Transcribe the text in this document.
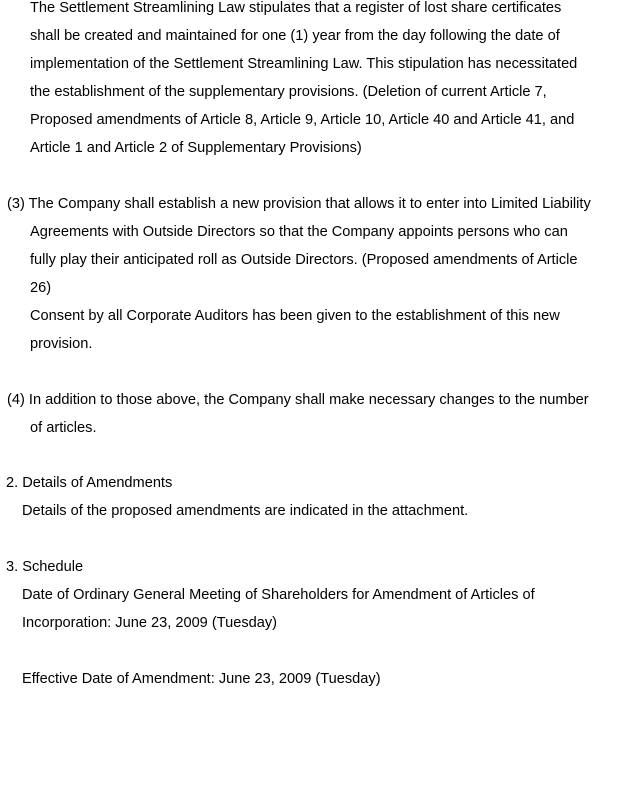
The Settlement Streamlining Law stipulates that a register of lost share certificates
shall be created and maintained for one (1) year from the day following the date of
implementation of the Settlement Streamlining Law. This stipulation has necessitated
the establishment of the supplementary provisions. (Deletion of current Article 7,
Proposed amendments of Article 8, Article 9, Article 10, Article 40 and Article 41, and
Article 1 and Article 2 of Supplementary Provisions)
(3) The Company shall establish a new provision that allows it to enter into Limited Liability
Agreements with Outside Directors so that the Company appoints persons who can
fully play their anticipated roll as Outside Directors. (Proposed amendments of Article
26)
Consent by all Corporate Auditors has been given to the establishment of this new
provision.
(4) In addition to those above, the Company shall make necessary changes to the number
of articles.
2. Details of Amendments
Details of the proposed amendments are indicated in the attachment.
3. Schedule
Date of Ordinary General Meeting of Shareholders for Amendment of Articles of
Incorporation: June 23, 2009 (Tuesday)
Effective Date of Amendment: June 23, 2009 (Tuesday)
